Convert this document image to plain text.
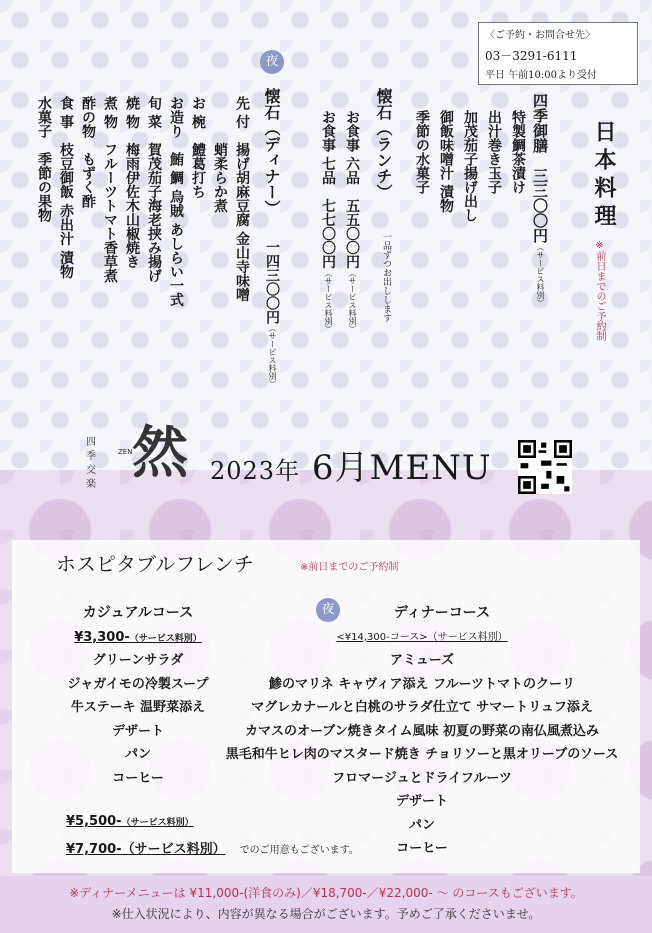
〈ご予約・お問合せ先〉
03－3291-6111
平日 午前10:00より受付
日本料理
※前日までのご予約制
四季御膳　三三〇〇円（サービス料別）
特製鯛茶漬け
出汁巻き玉子
加茂茄子揚げ出し
御飯味噌汁 漬物
季節の水菓子
懐石（ランチ）
一品ずつお出しします
お食事 六品　五五〇〇円（サービス料別）
お食事 七品　七七〇〇円（サービス料別）
夜
懐石（ディナー）
一四三〇〇円（サービス料別）
先 付　揚げ胡麻豆腐 金山寺味噌
　 　　蛸柔らか煮
お 椀　鱧葛打ち
お造り　鮪 鯛 烏賊 あしらい一式
旬 菜　賀茂茄子海老挟み揚げ
焼 物　梅雨伊佐木山椒焼き
煮 物　フルーツトマト香草煮
酢の物　もずく酢
食 事　枝豆御飯 赤出汁 漬物
水菓子　季節の果物
四季
交楽
ZEN 然 2023年 6月MENU
ホスピタブルフレンチ	※前日までのご予約制
カジュアルコース
¥3,300-（サービス料別）
グリーンサラダ
ジャガイモの冷製スープ
牛ステーキ 温野菜添え
デザート
パン
コーヒー
¥5,500-（サービス料別）
¥7,700-（サービス料別） でのご用意もございます。
夜	ディナーコース
<¥14,300-コース>（サービス料別）
アミューズ
鯵のマリネ キャヴィア添え フルーツトマトのクーリ
マグレカナールと白桃のサラダ仕立て サマートリュフ添え
カマスのオーブン焼きタイム風味 初夏の野菜の南仏風煮込み
黒毛和牛ヒレ肉のマスタード焼き チョリソーと黒オリーブのソース
フロマージュとドライフルーツ
デザート
パン
コーヒー
※ディナーメニューは ¥11,000-(洋食のみ)／¥18,700-／¥22,000- ～ のコースもございます。
※仕入状況により、内容が異なる場合がございます。予めご了承くださいませ。
